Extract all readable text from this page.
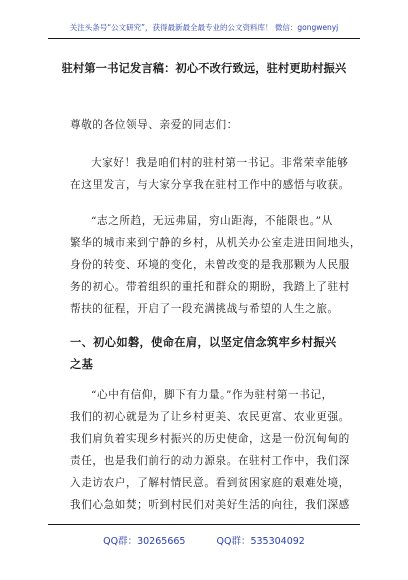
关注头条号“公文研究”，获得最新最全最专业的公文资料库！ 微信：gongwenyj
驻村第一书记发言稿：初心不改行致远，驻村更助村振兴
尊敬的各位领导、亲爱的同志们：
大家好！我是咱们村的驻村第一书记。非常荣幸能够
在这里发言，与大家分享我在驻村工作中的感悟与收获。
“志之所趋，无远弗届，穷山距海，不能限也。”从
繁华的城市来到宁静的乡村，从机关办公室走进田间地头，
身份的转变、环境的变化，未曾改变的是我那颗为人民服
务的初心。带着组织的重托和群众的期盼，我踏上了驻村
帮扶的征程，开启了一段充满挑战与希望的人生之旅。
一、初心如磐，使命在肩，以坚定信念筑牢乡村振兴
之基
“心中有信仰，脚下有力量。”作为驻村第一书记，
我们的初心就是为了让乡村更美、农民更富、农业更强。
我们肩负着实现乡村振兴的历史使命，这是一份沉甸甸的
责任，也是我们前行的动力源泉。在驻村工作中，我们深
入走访农户，了解村情民意。看到贫困家庭的艰难处境，
我们心急如焚；听到村民们对美好生活的向往，我们深感
QQ群：30265665	QQ群：535304092
